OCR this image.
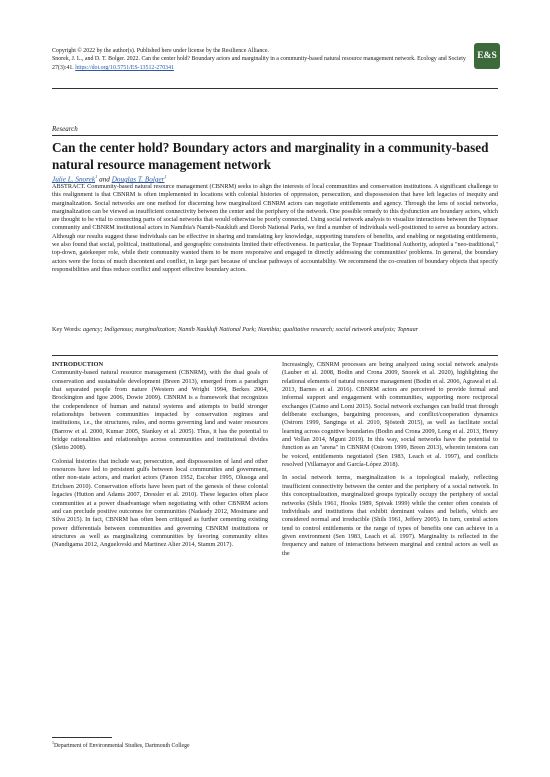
Copyright © 2022 by the author(s). Published here under license by the Resilience Alliance.
Snorek, J. L., and D. T. Bolger. 2022. Can the center hold? Boundary actors and marginality in a community-based natural resource management network. Ecology and Society 27(3):41. https://doi.org/10.5751/ES-13512-270341
E&S
Research
Can the center hold? Boundary actors and marginality in a community-based natural resource management network
Julie L. Snorek$^1$ and Douglas T. Bolger$^1$
ABSTRACT. Community-based natural resource management (CBNRM) seeks to align the interests of local communities and conservation institutions. A significant challenge to this realignment is that CBNRM is often implemented in locations with colonial histories of oppression, persecution, and dispossession that have left legacies of inequity and marginalization. Social networks are one method for discerning how marginalized CBNRM actors can negotiate entitlements and agency. Through the lens of social networks, marginalization can be viewed as insufficient connectivity between the center and the periphery of the network. One possible remedy to this dysfunction are boundary actors, which are thought to be vital to connecting parts of social networks that would otherwise be poorly connected. Using social network analysis to visualize interactions between the Topnaar community and CBNRM institutional actors in Namibia's Namib-Naukluft and Dorob National Parks, we find a number of individuals well-positioned to serve as boundary actors. Although our results suggest these individuals can be effective in sharing and translating key knowledge, supporting transfers of benefits, and enabling or negotiating entitlements, we also found that social, political, institutional, and geographic constraints limited their effectiveness. In particular, the Topnaar Traditional Authority, adopted a "neo-traditional," top-down, gatekeeper role, while their community wanted them to be more responsive and engaged in directly addressing the communities' problems. In general, the boundary actors were the focus of much discontent and conflict, in large part because of unclear pathways of accountability. We recommend the co-creation of boundary objects that specify responsibilities and thus reduce conflict and support effective boundary actors.
Key Words: agency; Indigenous; marginalization; Namib Naukluft National Park; Namibia; qualitative research; social network analysis; Topnaar
INTRODUCTION

Community-based natural resource management (CBNRM), with the dual goals of conservation and sustainable development (Breen 2013), emerged from a paradigm that separated people from nature (Western and Wright 1994, Berkes 2004, Brockington and Igoe 2006, Dowie 2009). CBNRM is a framework that recognizes the codependence of human and natural systems and attempts to build stronger relationships between communities impacted by conservation regimes and institutions, i.e., the structures, rules, and norms governing land and water resources (Barrow et al. 2000, Kumar 2005, Stankey et al. 2005). Thus, it has the potential to bridge rationalities and relationships across communities and institutional divides (Sletto 2008).

Colonial histories that include war, persecution, and dispossession of land and other resources have led to persistent gulfs between local communities and government, other non-state actors, and market actors (Fanon 1952, Escobar 1995, Olusoga and Erichsen 2010). Conservation efforts have been part of the genesis of these colonial legacies (Hutton and Adams 2007, Dressler et al. 2010). These legacies often place communities at a power disadvantage when negotiating with other CBNRM actors and can preclude positive outcomes for communities (Nadasdy 2012, Mosimane and Silva 2015). In fact, CBNRM has often been critiqued as further cementing existing power differentials between communities and governing CBNRM institutions or structures as well as marginalizing communities by favoring community elites (Nandigama 2012, Anguelovski and Martinez Alier 2014, Stamm 2017).

Increasingly, CBNRM processes are being analyzed using social network analysis (Lauber et al. 2008, Bodin and Crona 2009, Snorek et al. 2020), highlighting the relational elements of natural resource management (Bodin et al. 2006, Agrawal et al. 2013, Barnes et al. 2016). CBNRM actors are perceived to provide formal and informal support and engagement with communities, supporting more reciprocal exchanges (Caimo and Lomi 2015). Social network exchanges can build trust through deliberate exchanges, bargaining processes, and conflict/cooperation dynamics (Ostrom 1999, Sanginga et al. 2010, Sjöstedt 2015), as well as facilitate social learning across cognitive boundaries (Bodin and Crona 2009, Long et al. 2013, Henry and Vollan 2014, Mguni 2019). In this way, social networks have the potential to function as an "arena" in CBNRM (Ostrom 1999, Breen 2013), wherein tensions can be voiced, entitlements negotiated (Sen 1983, Leach et al. 1997), and conflicts resolved (Villamayor and García-López 2018).

In social network terms, marginalization is a topological malady, reflecting insufficient connectivity between the center and the periphery of a social network. In this conceptualization, marginalized groups typically occupy the periphery of social networks (Shils 1961, Hooks 1989, Spivak 1999) while the center often consists of individuals and institutions that exhibit dominant values and beliefs, which are considered normal and irreducible (Shils 1961, Jeffery 2005). In turn, central actors tend to control entitlements or the range of types of benefits one can achieve in a given environment (Sen 1983, Leach et al. 1997). Marginality is reflected in the frequency and nature of interactions between marginal and central actors as well as the

$^1$Department of Environmental Studies, Dartmouth College
